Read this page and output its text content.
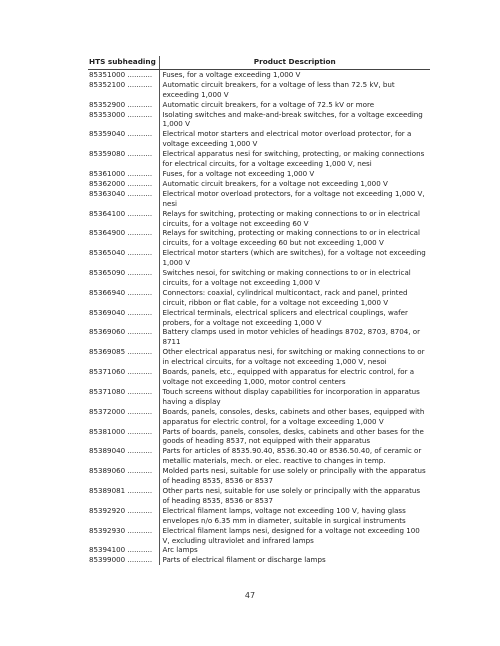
HTS subheading	Product Description
85351000 ...........	Fuses, for a voltage exceeding 1,000 V
85352100 ...........	Automatic circuit breakers, for a voltage of less than 72.5 kV, but exceeding 1,000 V
85352900 ...........	Automatic circuit breakers, for a voltage of 72.5 kV or more
85353000 ...........	Isolating switches and make-and-break switches, for a voltage exceeding 1,000 V
85359040 ...........	Electrical motor starters and electrical motor overload protector, for a voltage exceeding 1,000 V
85359080 ...........	Electrical apparatus nesi for switching, protecting, or making connections for electrical circuits, for a voltage exceeding 1,000 V, nesi
85361000 ...........	Fuses, for a voltage not exceeding 1,000 V
85362000 ...........	Automatic circuit breakers, for a voltage not exceeding 1,000 V
85363040 ...........	Electrical motor overload protectors, for a voltage not exceeding 1,000 V, nesi
85364100 ...........	Relays for switching, protecting or making connections to or in electrical circuits, for a voltage not exceeding 60 V
85364900 ...........	Relays for switching, protecting or making connections to or in electrical circuits, for a voltage exceeding 60 but not exceeding 1,000 V
85365040 ...........	Electrical motor starters (which are switches), for a voltage not exceeding 1,000 V
85365090 ...........	Switches nesoi, for switching or making connections to or in electrical circuits, for a voltage not exceeding 1,000 V
85366940 ...........	Connectors: coaxial, cylindrical multicontact, rack and panel, printed circuit, ribbon or flat cable, for a voltage not exceeding 1,000 V
85369040 ...........	Electrical terminals, electrical splicers and electrical couplings, wafer probers, for a voltage not exceeding 1,000 V
85369060 ...........	Battery clamps used in motor vehicles of headings 8702, 8703, 8704, or 8711
85369085 ...........	Other electrical apparatus nesi, for switching or making connections to or in electrical circuits, for a voltage not exceeding 1,000 V, nesoi
85371060 ...........	Boards, panels, etc., equipped with apparatus for electric control, for a voltage not exceeding 1,000, motor control centers
85371080 ...........	Touch screens without display capabilities for incorporation in apparatus having a display
85372000 ...........	Boards, panels, consoles, desks, cabinets and other bases, equipped with apparatus for electric control, for a voltage exceeding 1,000 V
85381000 ...........	Parts of boards, panels, consoles, desks, cabinets and other bases for the goods of heading 8537, not equipped with their apparatus
85389040 ...........	Parts for articles of 8535.90.40, 8536.30.40 or 8536.50.40, of ceramic or metallic materials, mech. or elec. reactive to changes in temp.
85389060 ...........	Molded parts nesi, suitable for use solely or principally with the apparatus of heading 8535, 8536 or 8537
85389081 ...........	Other parts nesi, suitable for use solely or principally with the apparatus of heading 8535, 8536 or 8537
85392920 ...........	Electrical filament lamps, voltage not exceeding 100 V, having glass envelopes n/o 6.35 mm in diameter, suitable in surgical instruments
85392930 ...........	Electrical filament lamps nesi, designed for a voltage not exceeding 100 V, excluding ultraviolet and infrared lamps
85394100 ...........	Arc lamps
85399000 ...........	Parts of electrical filament or discharge lamps
47
